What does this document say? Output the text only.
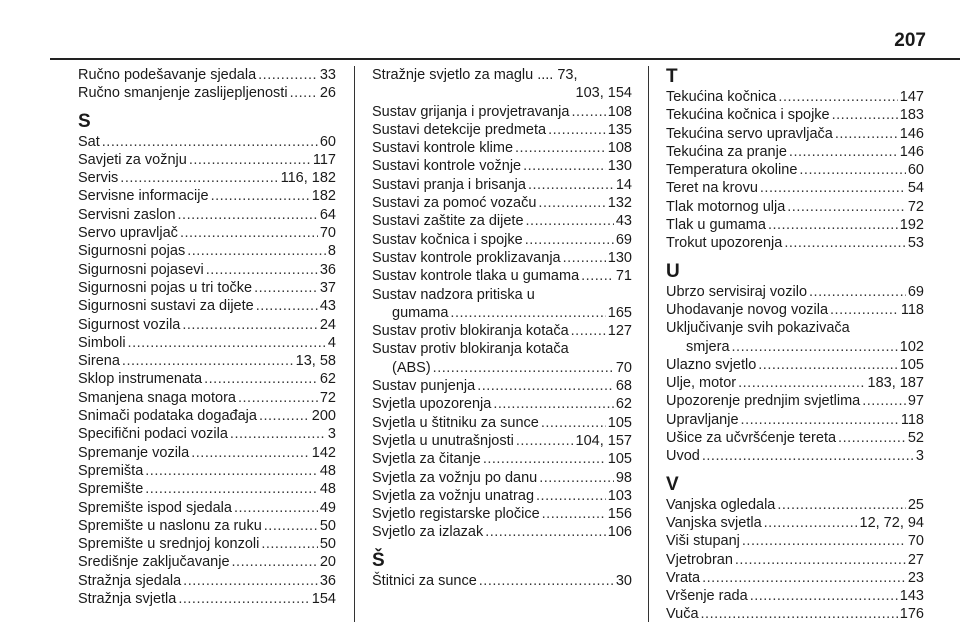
207
Ručno podešavanje sjedala .....	33
Ručno smanjenje zaslijepljenosti ..... 26
S
Sat .....	60
Savjeti za vožnju .....	117
Servis .....	116, 182
Servisne informacije .....	182
Servisni zaslon .....	64
Servo upravljač .....	70
Sigurnosni pojas .....	8
Sigurnosni pojasevi .....	36
Sigurnosni pojas u tri točke .....	37
Sigurnosni sustavi za dijete .....	43
Sigurnost vozila .....	24
Simboli .....	4
Sirena .....	13, 58
Sklop instrumenata .....	62
Smanjena snaga motora .....	72
Snimači podataka događaja .....	200
Specifični podaci vozila .....	3
Spremanje vozila .....	142
Spremišta .....	48
Spremište .....	48
Spremište ispod sjedala .....	49
Spremište u naslonu za ruku .....	50
Spremište u srednjoj konzoli .....	50
Središnje zaključavanje .....	20
Stražnja sjedala .....	36
Stražnja svjetla .....	154
Stražnje svjetlo za maglu .... 73,
103, 154
Sustav grijanja i provjetravanja .....	108
Sustavi detekcije predmeta .....	135
Sustavi kontrole klime .....	108
Sustavi kontrole vožnje .....	130
Sustavi pranja i brisanja .....	14
Sustavi za pomoć vozaču .....	132
Sustavi zaštite za dijete .....	43
Sustav kočnica i spojke .....	69
Sustav kontrole proklizavanja .....	130
Sustav kontrole tlaka u gumama .....	71
Sustav nadzora pritiska u
gumama .....	165
Sustav protiv blokiranja kotača .....	127
Sustav protiv blokiranja kotača
(ABS) .....	70
Sustav punjenja .....	68
Svjetla upozorenja .....	62
Svjetla u štitniku za sunce .....	105
Svjetla u unutrašnjosti .....	104, 157
Svjetla za čitanje .....	105
Svjetla za vožnju po danu .....	98
Svjetla za vožnju unatrag .....	103
Svjetlo registarske pločice .....	156
Svjetlo za izlazak .....	106
Š
Štitnici za sunce .....	30
T
Tekućina kočnica .....	147
Tekućina kočnica i spojke .....	183
Tekućina servo upravljača .....	146
Tekućina za pranje .....	146
Temperatura okoline .....	60
Teret na krovu .....	54
Tlak motornog ulja .....	72
Tlak u gumama .....	192
Trokut upozorenja .....	53
U
Ubrzo servisiraj vozilo .....	69
Uhodavanje novog vozila .....	118
Uključivanje svih pokazivača
smjera .....	102
Ulazno svjetlo .....	105
Ulje, motor .....	183, 187
Upozorenje prednjim svjetlima .....	97
Upravljanje .....	118
Ušice za učvršćenje tereta .....	52
Uvod .....	3
V
Vanjska ogledala .....	25
Vanjska svjetla .....	12, 72, 94
Viši stupanj .....	70
Vjetrobran .....	27
Vrata .....	23
Vršenje rada .....	143
Vuča .....	176
